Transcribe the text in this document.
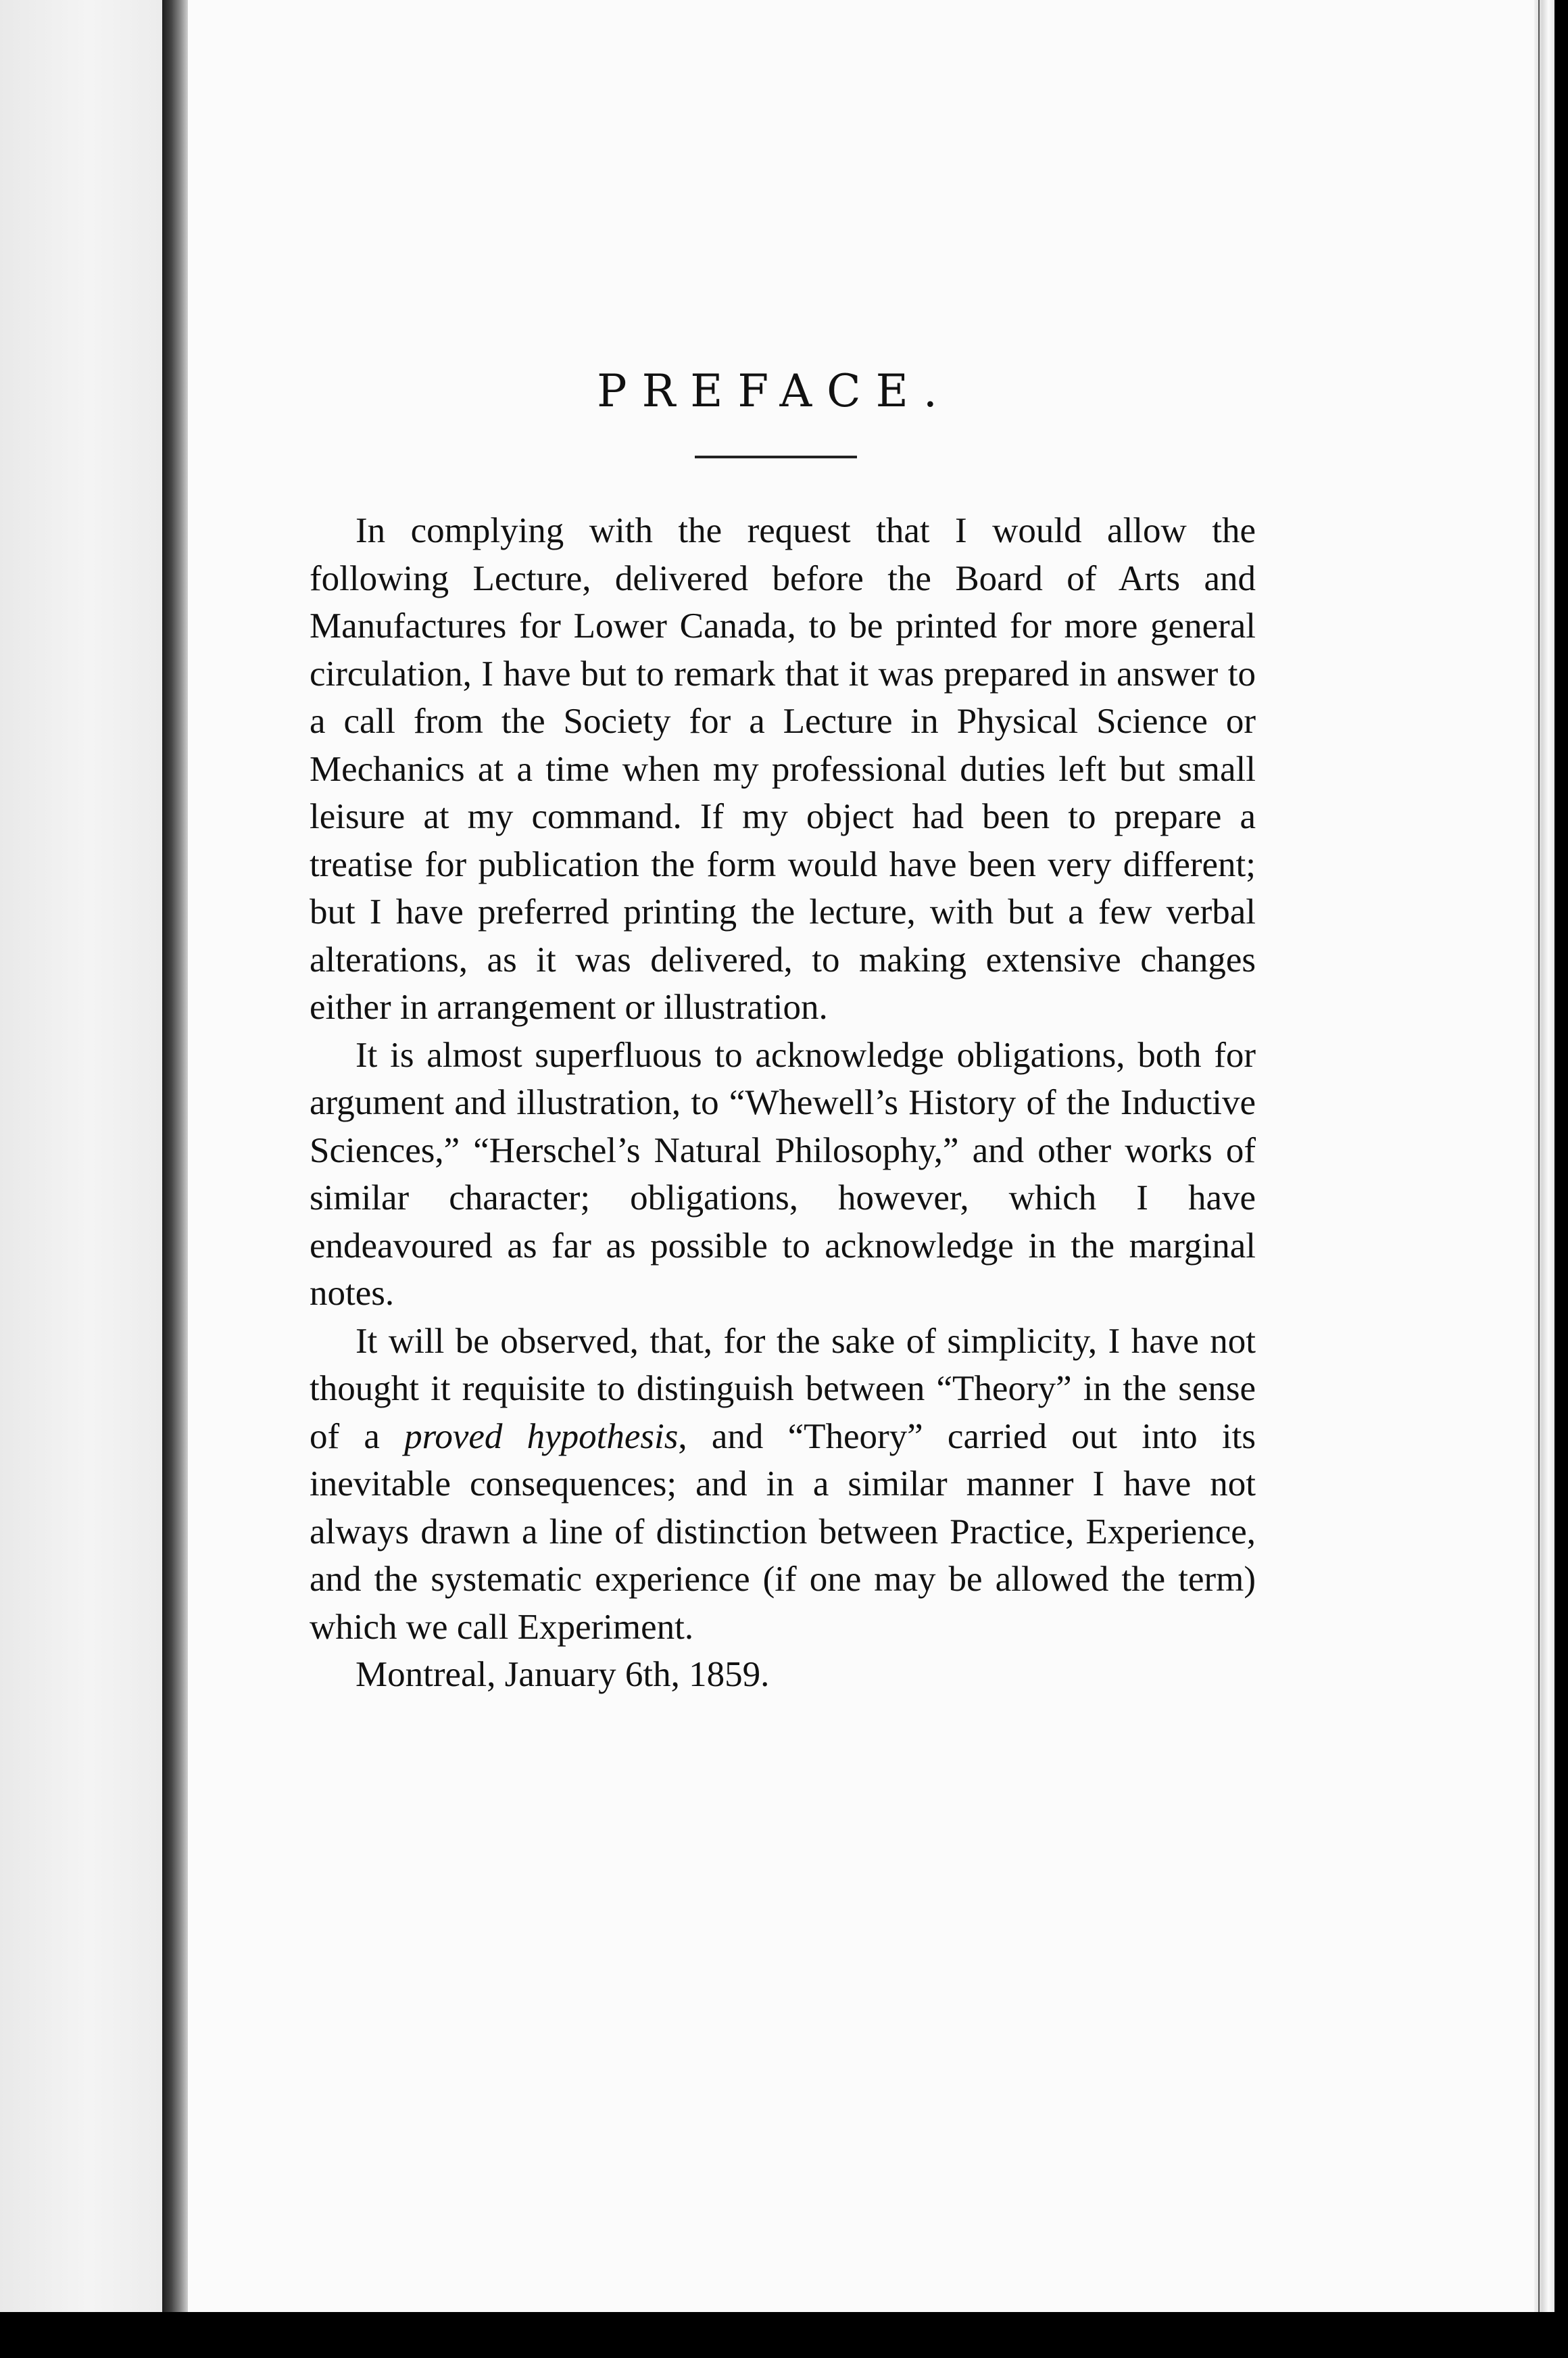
PREFACE.

In complying with the request that I would allow the following Lecture, delivered before the Board of Arts and Manufactures for Lower Canada, to be printed for more general circulation, I have but to remark that it was prepared in answer to a call from the Society for a Lecture in Physical Science or Mechanics at a time when my professional duties left but small leisure at my command. If my object had been to prepare a treatise for publication the form would have been very different; but I have preferred printing the lecture, with but a few verbal alterations, as it was delivered, to making extensive changes either in arrangement or illustration.

It is almost superfluous to acknowledge obligations, both for argument and illustration, to “Whewell’s History of the Inductive Sciences,” “Herschel’s Natural Philosophy,” and other works of similar character; obligations, however, which I have endeavoured as far as possible to acknowledge in the marginal notes.

It will be observed, that, for the sake of simplicity, I have not thought it requisite to distinguish between “Theory” in the sense of a proved hypothesis, and “Theory” carried out into its inevitable consequences; and in a similar manner I have not always drawn a line of distinction between Practice, Experience, and the systematic experience (if one may be allowed the term) which we call Experiment.

Montreal, January 6th, 1859.
